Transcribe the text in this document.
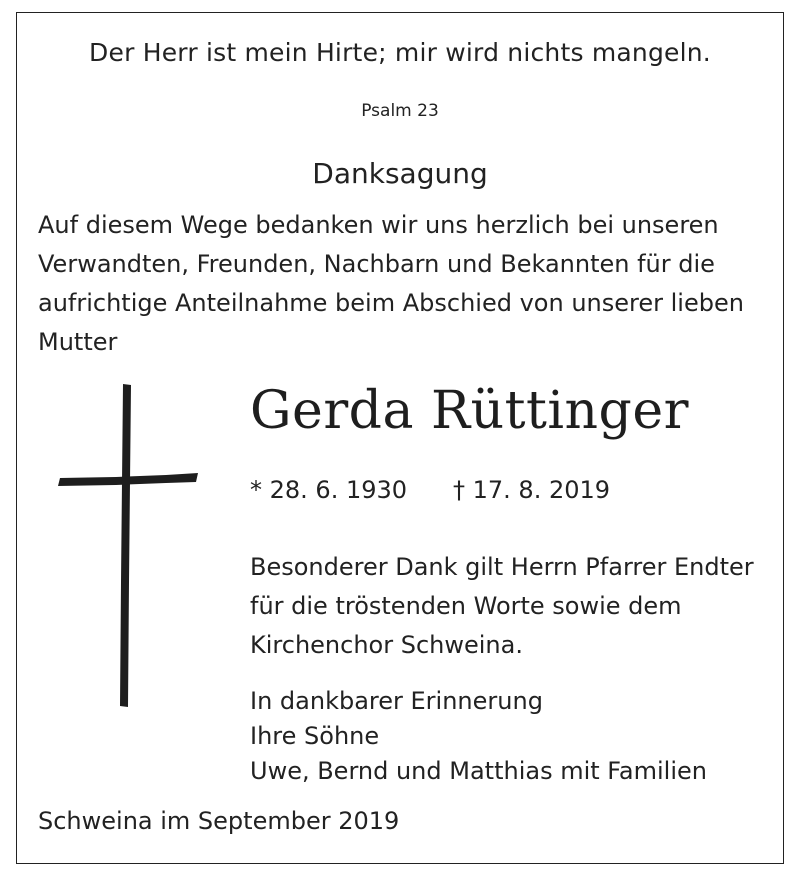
Der Herr ist mein Hirte; mir wird nichts mangeln.
Psalm 23
Danksagung
Auf diesem Wege bedanken wir uns herzlich bei unseren
Verwandten, Freunden, Nachbarn und Bekannten für die
aufrichtige Anteilnahme beim Abschied von unserer lieben
Mutter
Gerda Rüttinger
* 28. 6. 1930 † 17. 8. 2019
Besonderer Dank gilt Herrn Pfarrer Endter
für die tröstenden Worte sowie dem
Kirchenchor Schweina.
In dankbarer Erinnerung
Ihre Söhne
Uwe, Bernd und Matthias mit Familien
Schweina im September 2019
